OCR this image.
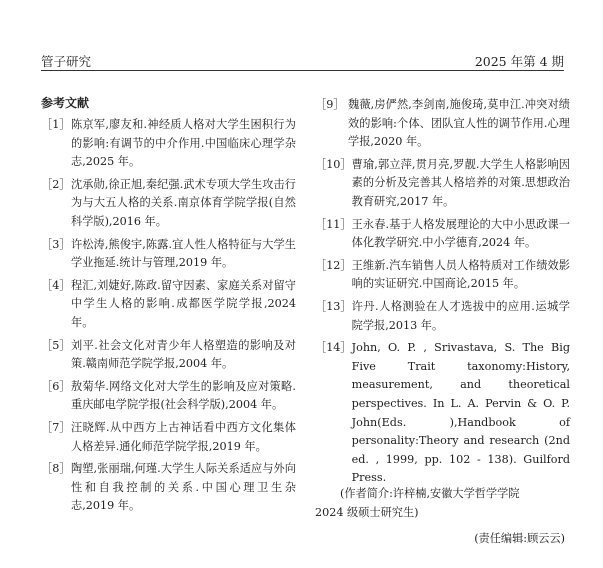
管子研究	2025 年第 4 期
参考文献
［1］ 陈京军,廖友和.神经质人格对大学生困积行为的影响:有调节的中介作用.中国临床心理学杂志,2025 年。
［2］ 沈承勋,徐正旭,秦纪强.武术专项大学生攻击行为与大五人格的关系.南京体育学院学报(自然科学版),2016 年。
［3］ 许松涛,熊俊宇,陈露.宜人性人格特征与大学生学业拖延.统计与管理,2019 年。
［4］ 程汇,刘婕好,陈政.留守因素、家庭关系对留守中学生人格的影响.成都医学院学报,2024 年。
［5］ 刘平.社会文化对青少年人格塑造的影响及对策.赣南师范学院学报,2004 年。
［6］ 敖菊华.网络文化对大学生的影响及应对策略.重庆邮电学院学报(社会科学版),2004 年。
［7］ 汪晓辉.从中西方上古神话看中西方文化集体人格差异.通化师范学院学报,2019 年。
［8］ 陶塑,张丽瑞,何瑾.大学生人际关系适应与外向性和自我控制的关系.中国心理卫生杂志,2019 年。
［9］ 魏薇,房俨然,李剑南,施俊琦,莫申江.冲突对绩效的影响:个体、团队宜人性的调节作用.心理学报,2020 年。
［10］ 曹瑜,郭立萍,贯月亮,罗靓.大学生人格影响因素的分析及完善其人格培养的对策.思想政治教育研究,2017 年。
［11］ 王永春.基于人格发展理论的大中小思政课一体化教学研究.中小学德育,2024 年。
［12］ 王维新.汽车销售人员人格特质对工作绩效影响的实证研究.中国商论,2015 年。
［13］ 许丹.人格测验在人才选拔中的应用.运城学院学报,2013 年。
［14］ John, O. P. , Srivastava, S. The Big Five Trait taxonomy:History, measurement, and theoretical perspectives. In L. A. Pervin & O. P. John(Eds. ),Handbook of personality:Theory and research (2nd ed. , 1999, pp. 102 - 138). Guilford Press.
(作者简介:许梓楠,安徽大学哲学学院
2024 级硕士研究生)
(责任编辑:顾云云)
